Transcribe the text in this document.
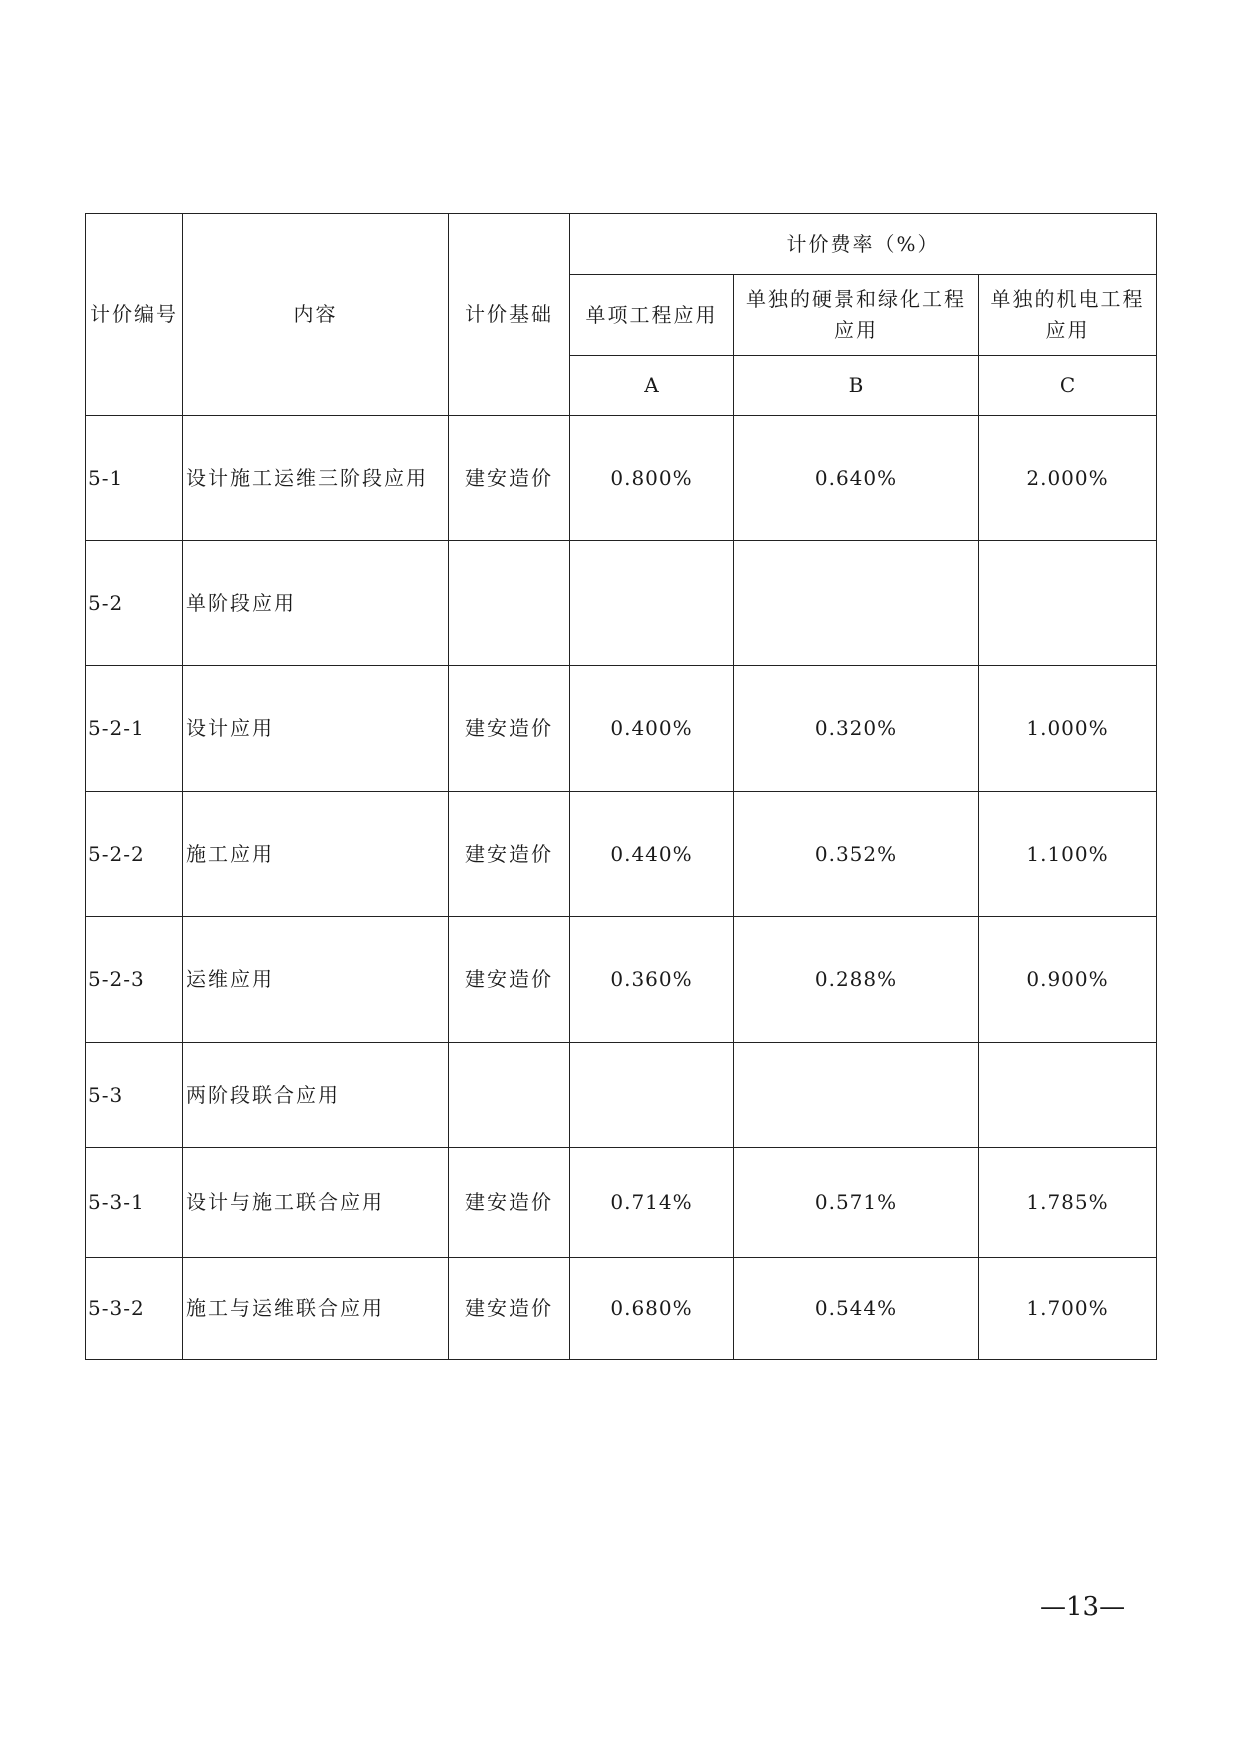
计价编号	内容	计价基础	计价费率（%）		
			单项工程应用	单独的硬景和绿化工程应用	单独的机电工程应用
			A	B	C
5-1	设计施工运维三阶段应用	建安造价	0.800%	0.640%	2.000%
5-2	单阶段应用				
5-2-1	设计应用	建安造价	0.400%	0.320%	1.000%
5-2-2	施工应用	建安造价	0.440%	0.352%	1.100%
5-2-3	运维应用	建安造价	0.360%	0.288%	0.900%
5-3	两阶段联合应用				
5-3-1	设计与施工联合应用	建安造价	0.714%	0.571%	1.785%
5-3-2	施工与运维联合应用	建安造价	0.680%	0.544%	1.700%
—13—
